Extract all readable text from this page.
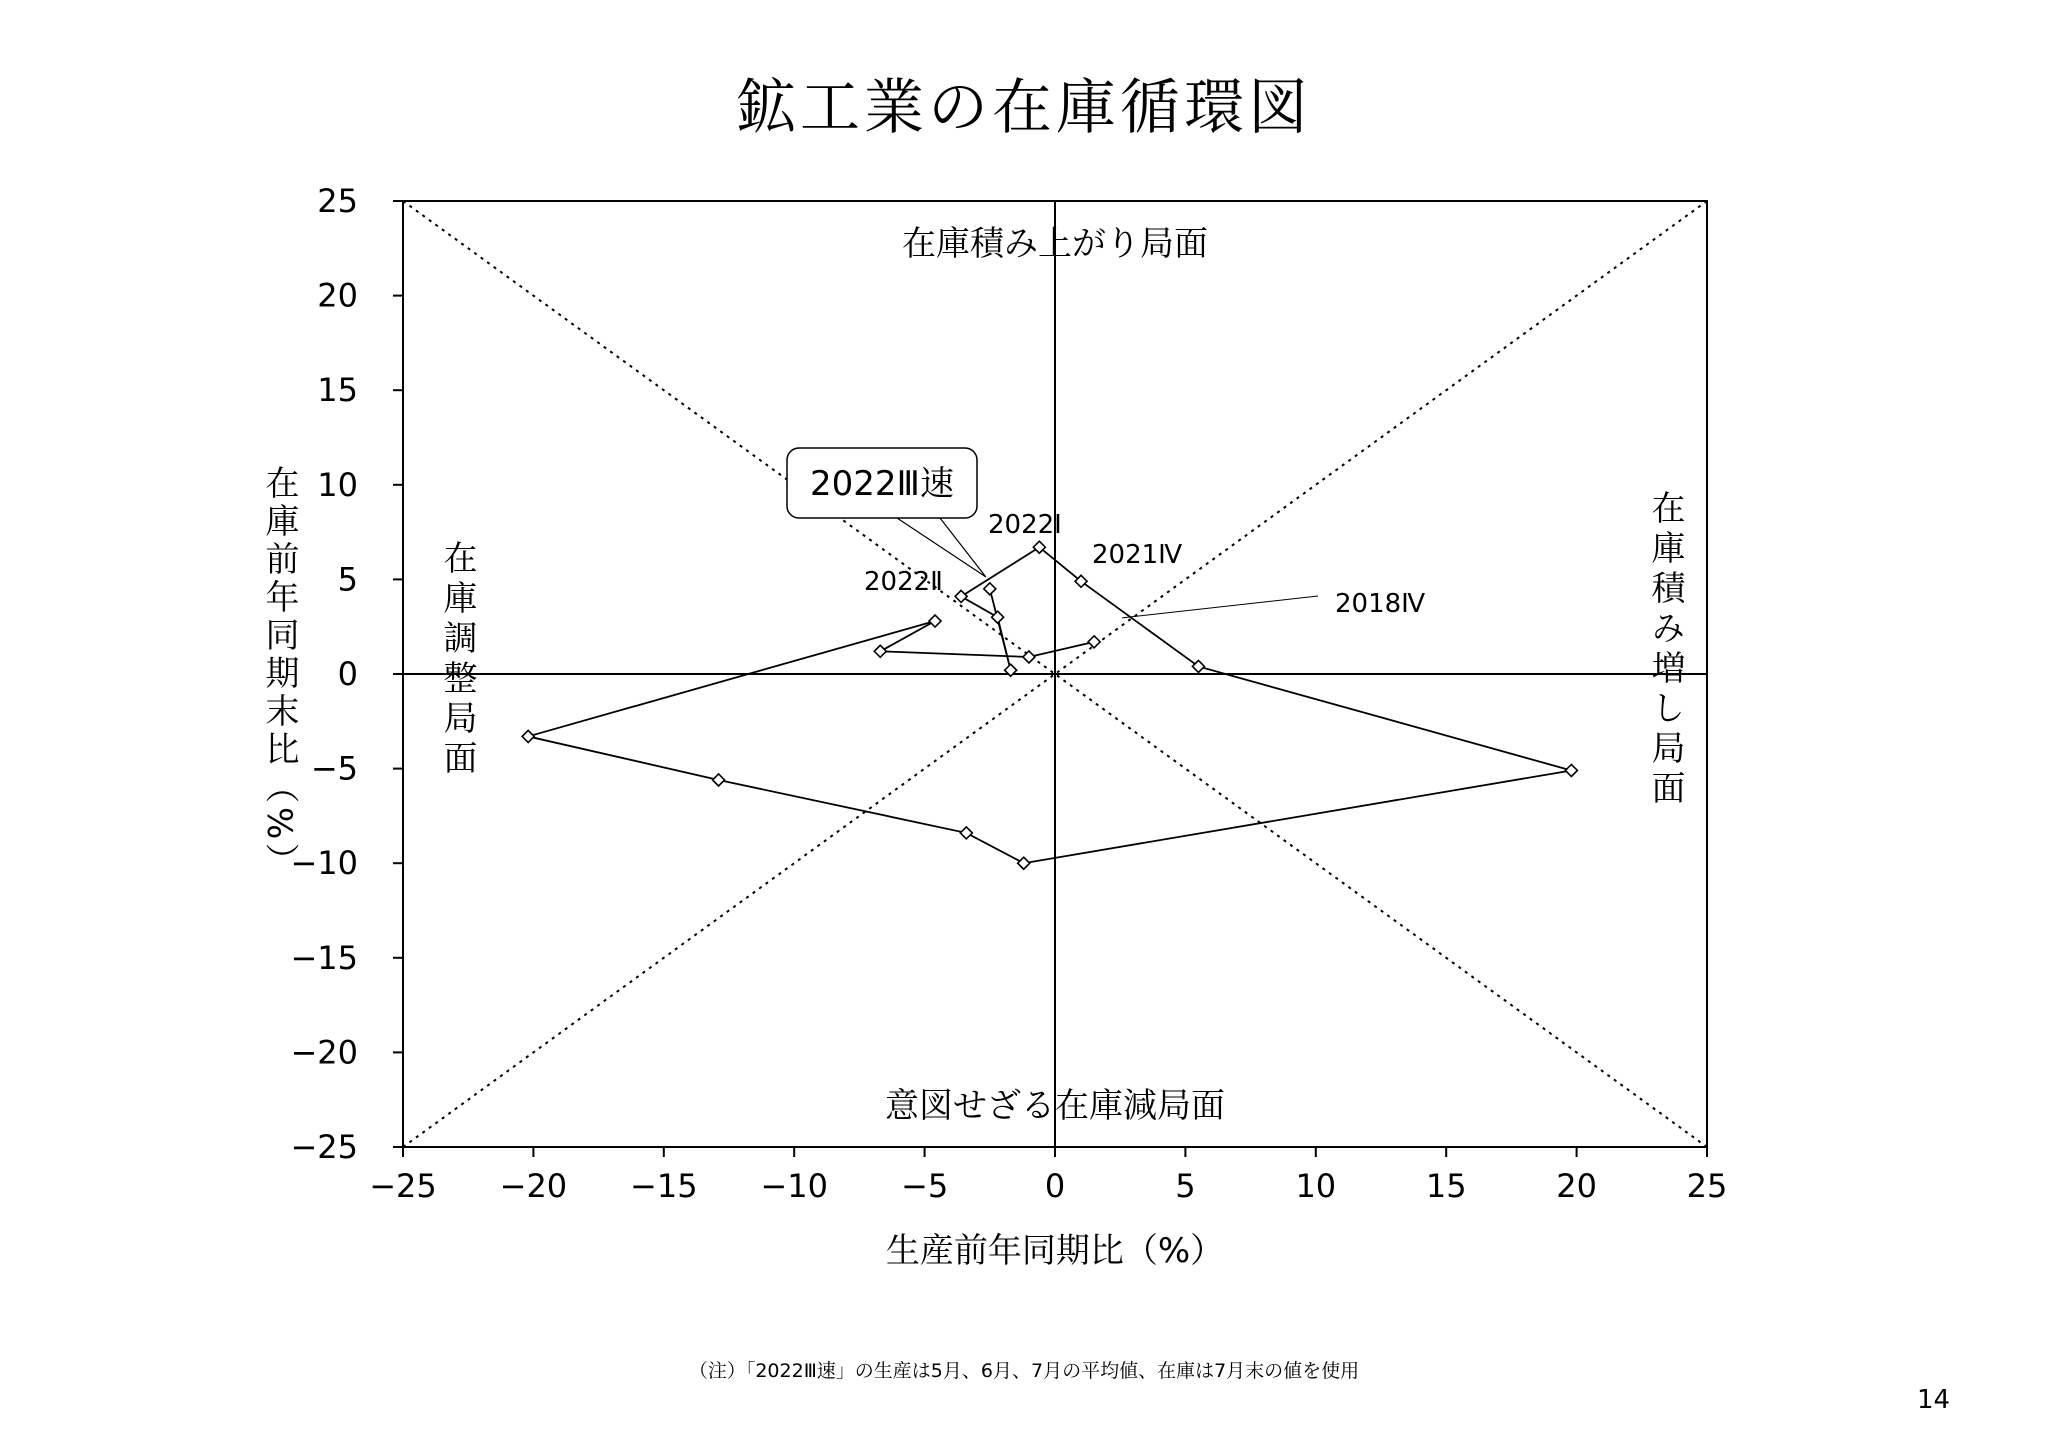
鉱工業の在庫循環図
−25 −20 −15 −10 −5	0	5	10	15	20	25
−25
−20
−15
−10
−5
0
5
10
15
20
25
2018Ⅳ
2021Ⅳ
2022Ⅰ
2022Ⅱ
2022Ⅲ速
在庫積み上がり局面
意図せざる在庫減局面
生産前年同期比（%）
在庫調整局面	在庫積み増し局面
在庫前年同期末比（%）
（注）「2022Ⅲ速」の生産は5月、6月、7月の平均値、在庫は7月末の値を使用
14
